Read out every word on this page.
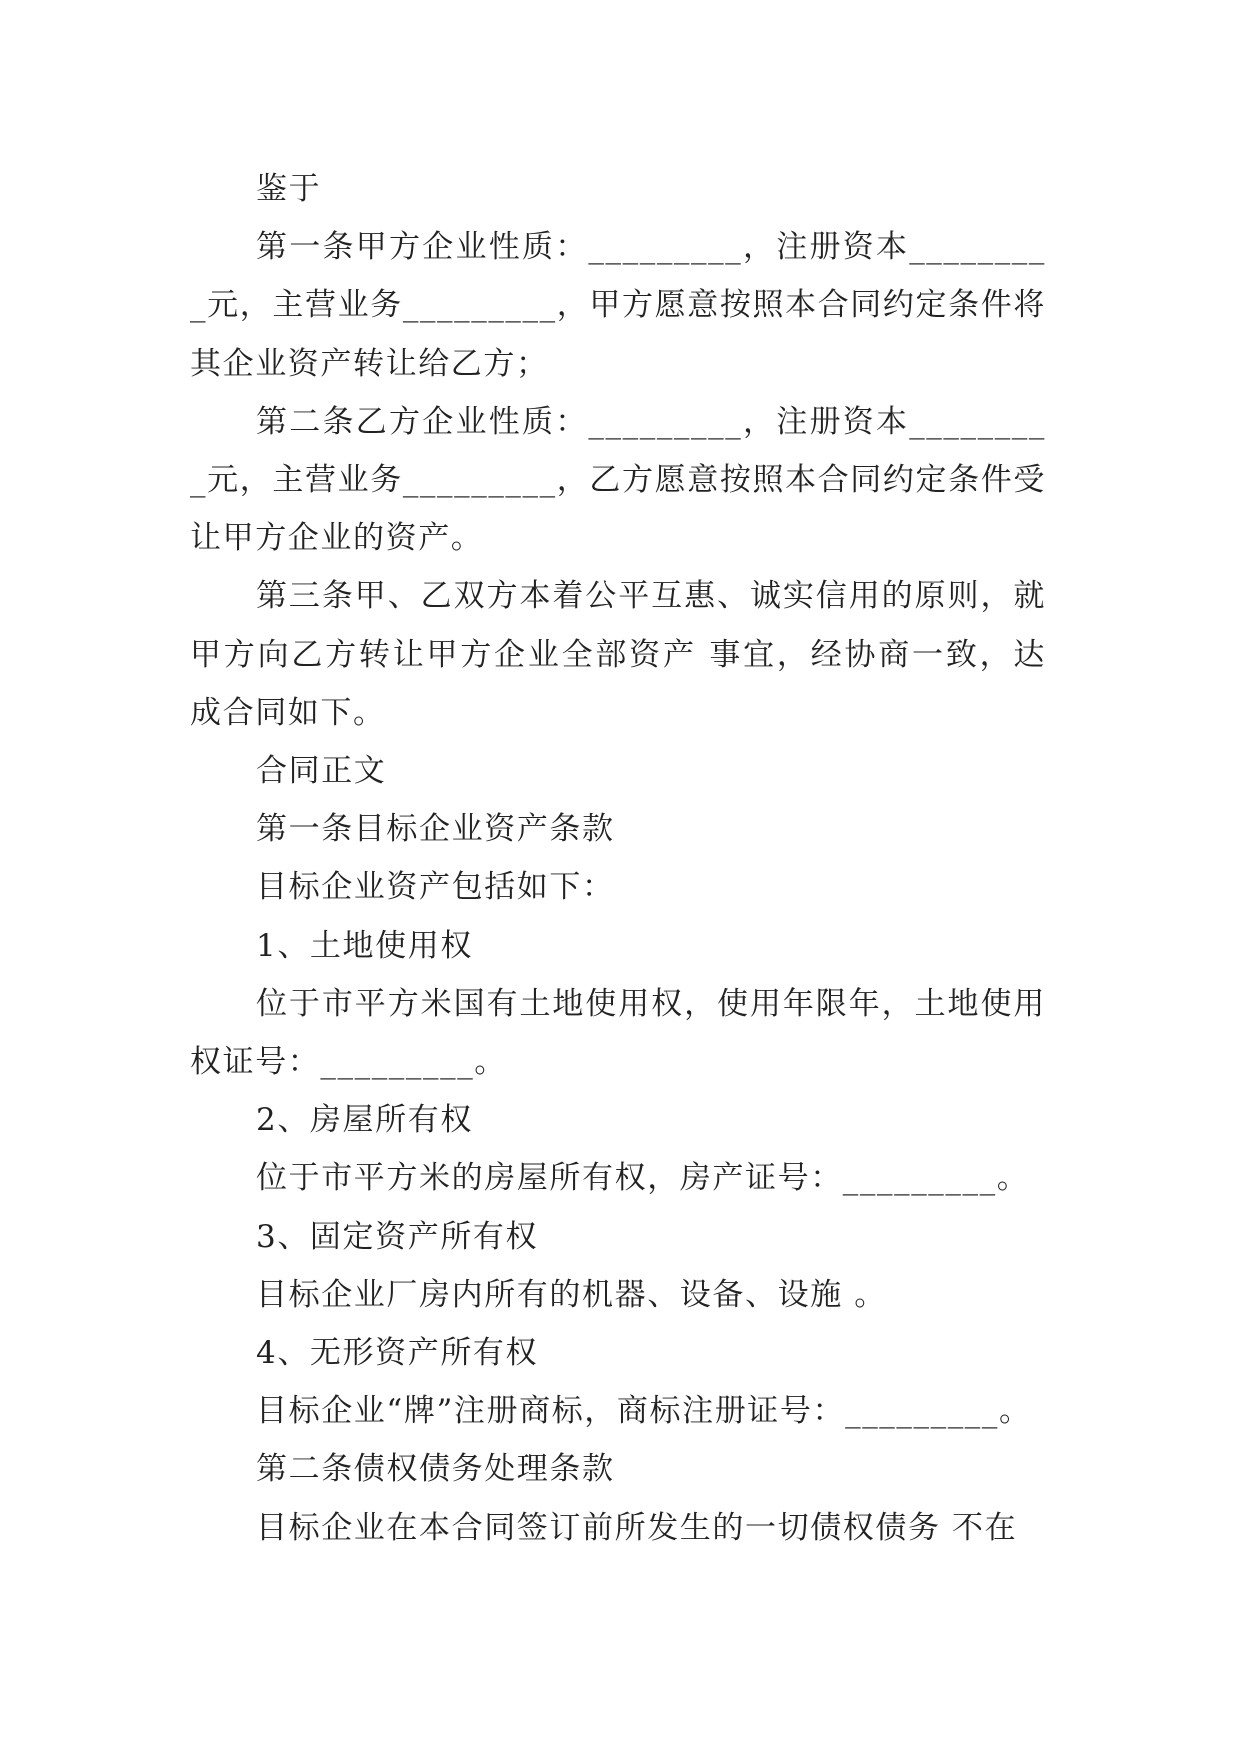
鉴于

第一条甲方企业性质：_________，注册资本_________元，主营业务_________，甲方愿意按照本合同约定条件将其企业资产转让给乙方；

第二条乙方企业性质：_________，注册资本_________元，主营业务_________，乙方愿意按照本合同约定条件受让甲方企业的资产。

第三条甲、乙双方本着公平互惠、诚实信用的原则，就甲方向乙方转让甲方企业全部资产 事宜，经协商一致，达成合同如下。

合同正文

第一条目标企业资产条款

目标企业资产包括如下：

1、土地使用权

位于市平方米国有土地使用权，使用年限年，土地使用权证号：_________。

2、房屋所有权

位于市平方米的房屋所有权，房产证号：_________。

3、固定资产所有权

目标企业厂房内所有的机器、设备、设施 。

4、无形资产所有权

目标企业“牌”注册商标，商标注册证号：_________。

第二条债权债务处理条款

目标企业在本合同签订前所发生的一切债权债务 不在
